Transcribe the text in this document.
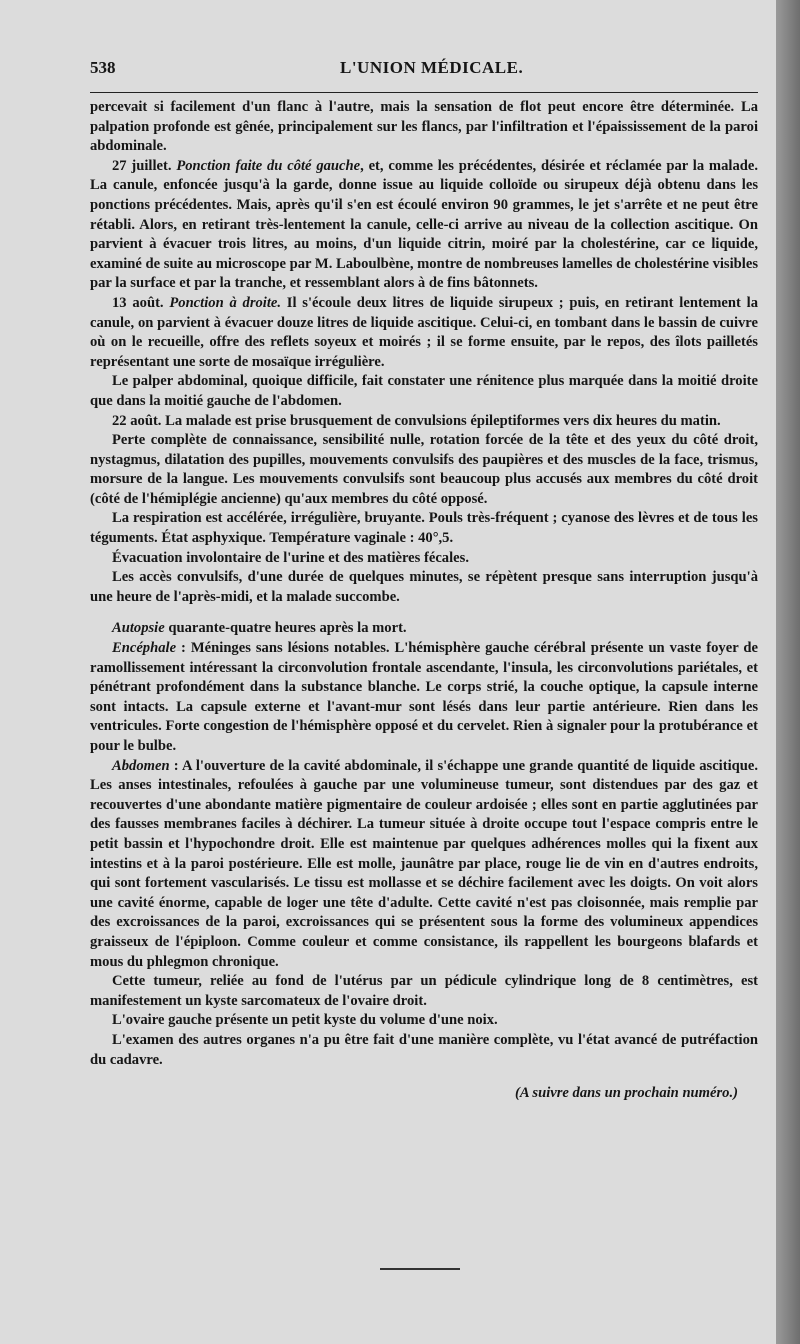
538	L'UNION MÉDICALE.

percevait si facilement d'un flanc à l'autre, mais la sensation de flot peut encore être déterminée. La palpation profonde est gênée, principalement sur les flancs, par l'infiltration et l'épaississement de la paroi abdominale.

27 juillet. Ponction faite du côté gauche, et, comme les précédentes, désirée et réclamée par la malade. La canule, enfoncée jusqu'à la garde, donne issue au liquide colloïde ou sirupeux déjà obtenu dans les ponctions précédentes. Mais, après qu'il s'en est écoulé environ 90 grammes, le jet s'arrête et ne peut être rétabli. Alors, en retirant très-lentement la canule, celle-ci arrive au niveau de la collection ascitique. On parvient à évacuer trois litres, au moins, d'un liquide citrin, moiré par la cholestérine, car ce liquide, examiné de suite au microscope par M. Laboulbène, montre de nombreuses lamelles de cholestérine visibles par la surface et par la tranche, et ressemblant alors à de fins bâtonnets.

13 août. Ponction à droite. Il s'écoule deux litres de liquide sirupeux ; puis, en retirant lentement la canule, on parvient à évacuer douze litres de liquide ascitique. Celui-ci, en tombant dans le bassin de cuivre où on le recueille, offre des reflets soyeux et moirés ; il se forme ensuite, par le repos, des îlots pailletés représentant une sorte de mosaïque irrégulière.

Le palper abdominal, quoique difficile, fait constater une rénitence plus marquée dans la moitié droite que dans la moitié gauche de l'abdomen.

22 août. La malade est prise brusquement de convulsions épileptiformes vers dix heures du matin.

Perte complète de connaissance, sensibilité nulle, rotation forcée de la tête et des yeux du côté droit, nystagmus, dilatation des pupilles, mouvements convulsifs des paupières et des muscles de la face, trismus, morsure de la langue. Les mouvements convulsifs sont beaucoup plus accusés aux membres du côté droit (côté de l'hémiplégie ancienne) qu'aux membres du côté opposé.

La respiration est accélérée, irrégulière, bruyante. Pouls très-fréquent ; cyanose des lèvres et de tous les téguments. État asphyxique. Température vaginale : 40°,5.

Évacuation involontaire de l'urine et des matières fécales.

Les accès convulsifs, d'une durée de quelques minutes, se répètent presque sans interruption jusqu'à une heure de l'après-midi, et la malade succombe.

Autopsie quarante-quatre heures après la mort.

Encéphale : Méninges sans lésions notables. L'hémisphère gauche cérébral présente un vaste foyer de ramollissement intéressant la circonvolution frontale ascendante, l'insula, les circonvolutions pariétales, et pénétrant profondément dans la substance blanche. Le corps strié, la couche optique, la capsule interne sont intacts. La capsule externe et l'avant-mur sont lésés dans leur partie antérieure. Rien dans les ventricules. Forte congestion de l'hémisphère opposé et du cervelet. Rien à signaler pour la protubérance et pour le bulbe.

Abdomen : A l'ouverture de la cavité abdominale, il s'échappe une grande quantité de liquide ascitique. Les anses intestinales, refoulées à gauche par une volumineuse tumeur, sont distendues par des gaz et recouvertes d'une abondante matière pigmentaire de couleur ardoisée ; elles sont en partie agglutinées par des fausses membranes faciles à déchirer. La tumeur située à droite occupe tout l'espace compris entre le petit bassin et l'hypochondre droit. Elle est maintenue par quelques adhérences molles qui la fixent aux intestins et à la paroi postérieure. Elle est molle, jaunâtre par place, rouge lie de vin en d'autres endroits, qui sont fortement vascularisés. Le tissu est mollasse et se déchire facilement avec les doigts. On voit alors une cavité énorme, capable de loger une tête d'adulte. Cette cavité n'est pas cloisonnée, mais remplie par des excroissances de la paroi, excroissances qui se présentent sous la forme des volumineux appendices graisseux de l'épiploon. Comme couleur et comme consistance, ils rappellent les bourgeons blafards et mous du phlegmon chronique.

Cette tumeur, reliée au fond de l'utérus par un pédicule cylindrique long de 8 centimètres, est manifestement un kyste sarcomateux de l'ovaire droit.

L'ovaire gauche présente un petit kyste du volume d'une noix.

L'examen des autres organes n'a pu être fait d'une manière complète, vu l'état avancé de putréfaction du cadavre.

(A suivre dans un prochain numéro.)
